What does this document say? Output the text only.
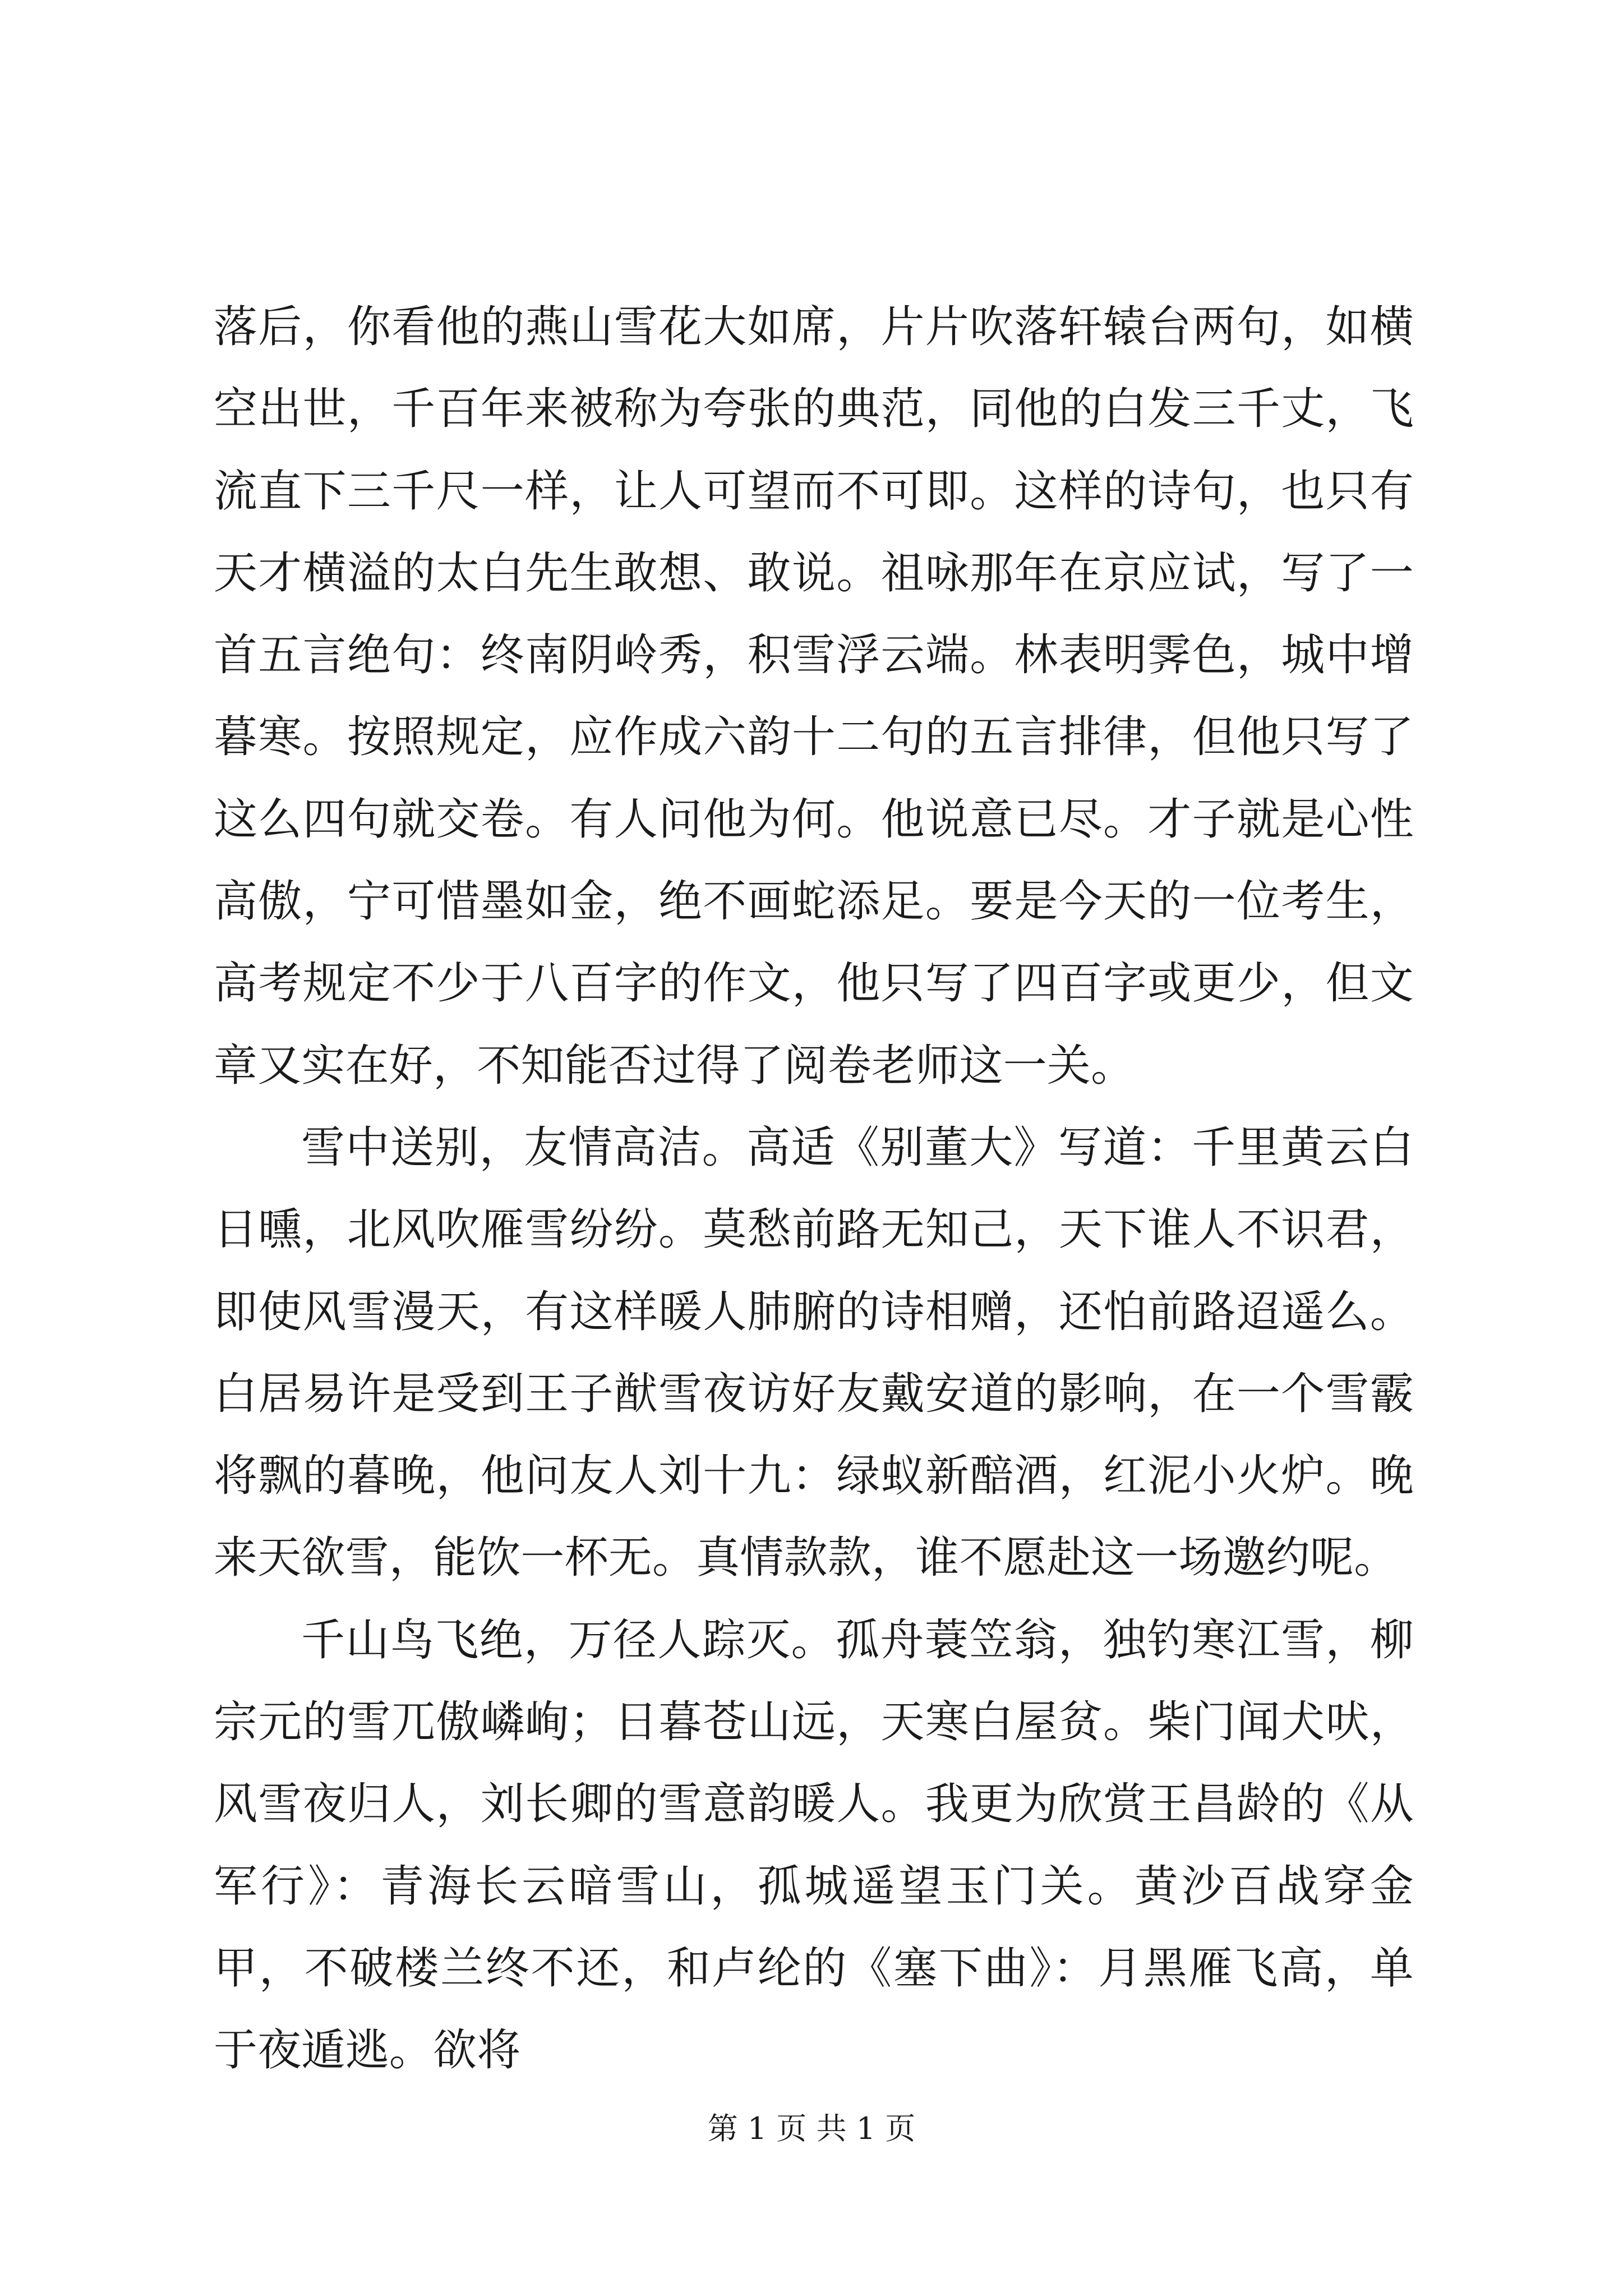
落后，你看他的燕山雪花大如席，片片吹落轩辕台两句，如横空出世，千百年来被称为夸张的典范，同他的白发三千丈，飞流直下三千尺一样，让人可望而不可即。这样的诗句，也只有天才横溢的太白先生敢想、敢说。祖咏那年在京应试，写了一首五言绝句：终南阴岭秀，积雪浮云端。林表明霁色，城中增暮寒。按照规定，应作成六韵十二句的五言排律，但他只写了这么四句就交卷。有人问他为何。他说意已尽。才子就是心性高傲，宁可惜墨如金，绝不画蛇添足。要是今天的一位考生，高考规定不少于八百字的作文，他只写了四百字或更少，但文章又实在好，不知能否过得了阅卷老师这一关。

雪中送别，友情高洁。高适《别董大》写道：千里黄云白日曛，北风吹雁雪纷纷。莫愁前路无知己，天下谁人不识君，即使风雪漫天，有这样暖人肺腑的诗相赠，还怕前路迢遥么。白居易许是受到王子猷雪夜访好友戴安道的影响，在一个雪霰将飘的暮晚，他问友人刘十九：绿蚁新醅酒，红泥小火炉。晚来天欲雪，能饮一杯无。真情款款，谁不愿赴这一场邀约呢。

千山鸟飞绝，万径人踪灭。孤舟蓑笠翁，独钓寒江雪，柳宗元的雪兀傲嶙峋；日暮苍山远，天寒白屋贫。柴门闻犬吠，风雪夜归人，刘长卿的雪意韵暖人。我更为欣赏王昌龄的《从军行》：青海长云暗雪山，孤城遥望玉门关。黄沙百战穿金甲，不破楼兰终不还，和卢纶的《塞下曲》：月黑雁飞高，单于夜遁逃。欲将

第 1 页 共 1 页
